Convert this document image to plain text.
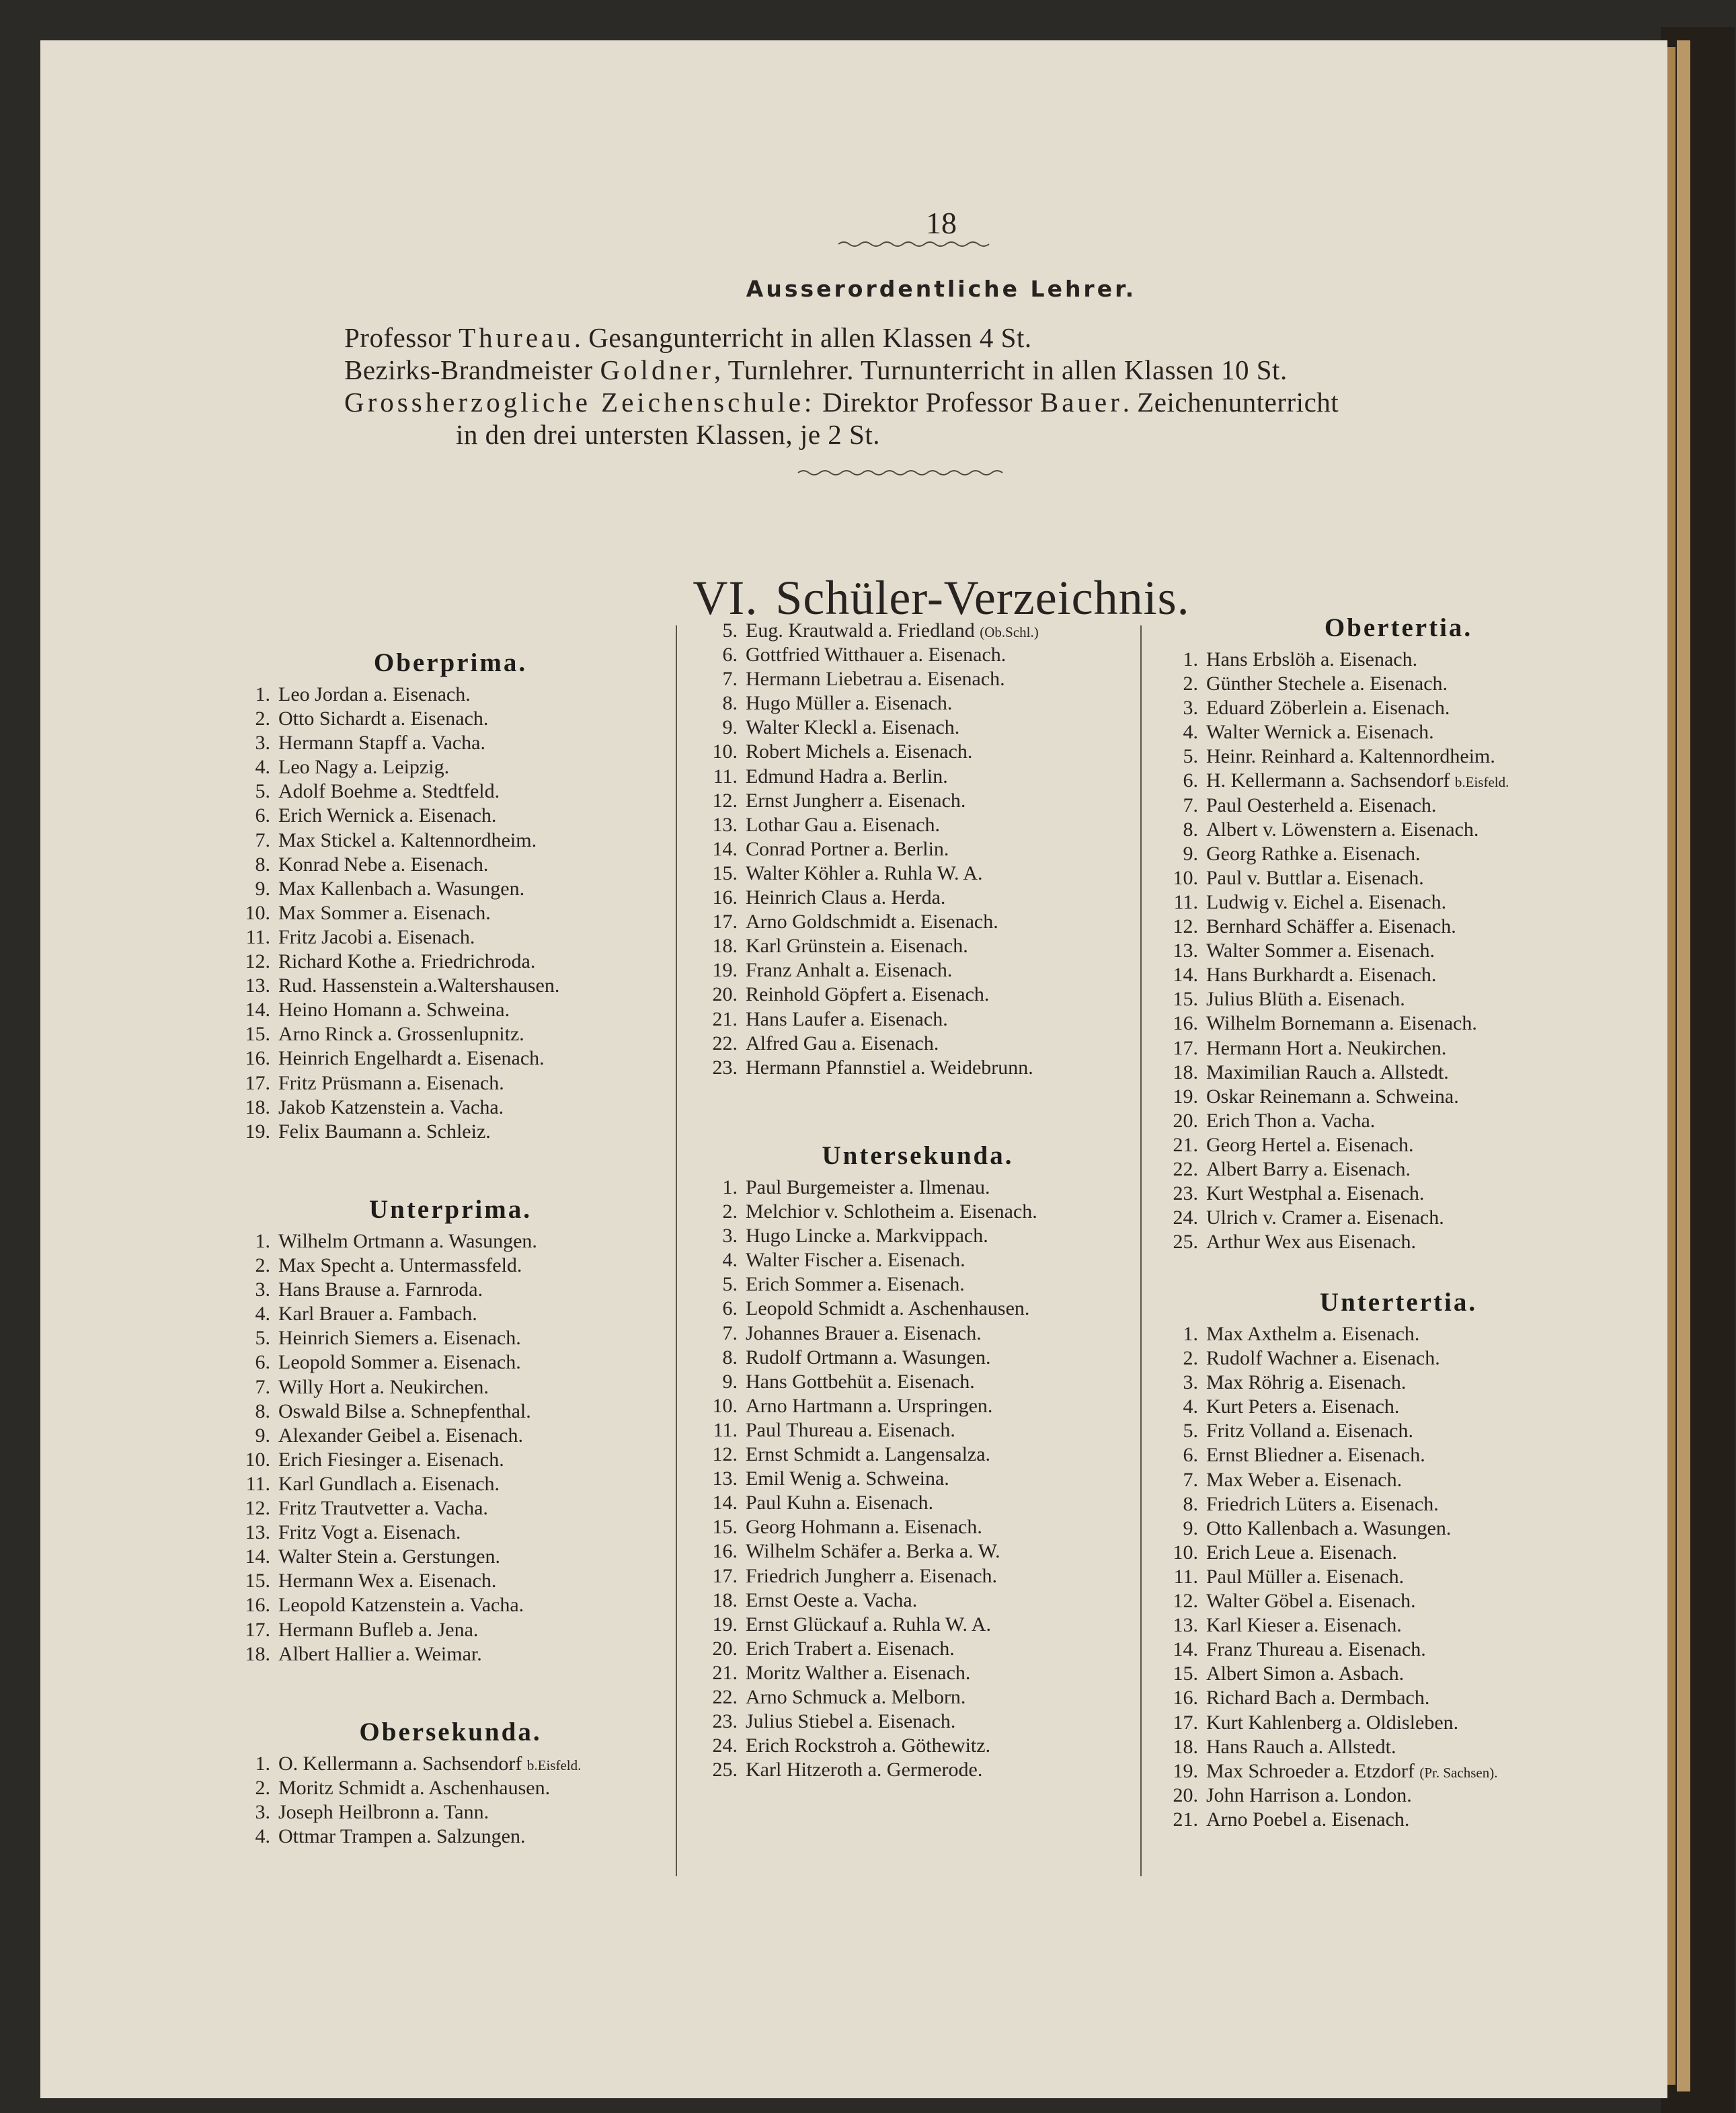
18
Ausserordentliche Lehrer.
Professor Thureau. Gesangunterricht in allen Klassen 4 St.
Bezirks-Brandmeister Goldner, Turnlehrer. Turnunterricht in allen Klassen 10 St.
Grossherzogliche Zeichenschule: Direktor Professor Bauer. Zeichenunterricht
in den drei untersten Klassen, je 2 St.
VI. Schüler-Verzeichnis.
Oberprima.
1. Leo Jordan a. Eisenach.
2. Otto Sichardt a. Eisenach.
3. Hermann Stapff a. Vacha.
4. Leo Nagy a. Leipzig.
5. Adolf Boehme a. Stedtfeld.
6. Erich Wernick a. Eisenach.
7. Max Stickel a. Kaltennordheim.
8. Konrad Nebe a. Eisenach.
9. Max Kallenbach a. Wasungen.
10. Max Sommer a. Eisenach.
11. Fritz Jacobi a. Eisenach.
12. Richard Kothe a. Friedrichroda.
13. Rud. Hassenstein a.Waltershausen.
14. Heino Homann a. Schweina.
15. Arno Rinck a. Grossenlupnitz.
16. Heinrich Engelhardt a. Eisenach.
17. Fritz Prüsmann a. Eisenach.
18. Jakob Katzenstein a. Vacha.
19. Felix Baumann a. Schleiz.
Unterprima.
1. Wilhelm Ortmann a. Wasungen.
2. Max Specht a. Untermassfeld.
3. Hans Brause a. Farnroda.
4. Karl Brauer a. Fambach.
5. Heinrich Siemers a. Eisenach.
6. Leopold Sommer a. Eisenach.
7. Willy Hort a. Neukirchen.
8. Oswald Bilse a. Schnepfenthal.
9. Alexander Geibel a. Eisenach.
10. Erich Fiesinger a. Eisenach.
11. Karl Gundlach a. Eisenach.
12. Fritz Trautvetter a. Vacha.
13. Fritz Vogt a. Eisenach.
14. Walter Stein a. Gerstungen.
15. Hermann Wex a. Eisenach.
16. Leopold Katzenstein a. Vacha.
17. Hermann Bufleb a. Jena.
18. Albert Hallier a. Weimar.
Obersekunda.
1. O. Kellermann a. Sachsendorf b.Eisfeld.
2. Moritz Schmidt a. Aschenhausen.
3. Joseph Heilbronn a. Tann.
4. Ottmar Trampen a. Salzungen.
5. Eug. Krautwald a. Friedland (Ob.Schl.)
6. Gottfried Witthauer a. Eisenach.
7. Hermann Liebetrau a. Eisenach.
8. Hugo Müller a. Eisenach.
9. Walter Kleckl a. Eisenach.
10. Robert Michels a. Eisenach.
11. Edmund Hadra a. Berlin.
12. Ernst Jungherr a. Eisenach.
13. Lothar Gau a. Eisenach.
14. Conrad Portner a. Berlin.
15. Walter Köhler a. Ruhla W. A.
16. Heinrich Claus a. Herda.
17. Arno Goldschmidt a. Eisenach.
18. Karl Grünstein a. Eisenach.
19. Franz Anhalt a. Eisenach.
20. Reinhold Göpfert a. Eisenach.
21. Hans Laufer a. Eisenach.
22. Alfred Gau a. Eisenach.
23. Hermann Pfannstiel a. Weidebrunn.
Untersekunda.
1. Paul Burgemeister a. Ilmenau.
2. Melchior v. Schlotheim a. Eisenach.
3. Hugo Lincke a. Markvippach.
4. Walter Fischer a. Eisenach.
5. Erich Sommer a. Eisenach.
6. Leopold Schmidt a. Aschenhausen.
7. Johannes Brauer a. Eisenach.
8. Rudolf Ortmann a. Wasungen.
9. Hans Gottbehüt a. Eisenach.
10. Arno Hartmann a. Urspringen.
11. Paul Thureau a. Eisenach.
12. Ernst Schmidt a. Langensalza.
13. Emil Wenig a. Schweina.
14. Paul Kuhn a. Eisenach.
15. Georg Hohmann a. Eisenach.
16. Wilhelm Schäfer a. Berka a. W.
17. Friedrich Jungherr a. Eisenach.
18. Ernst Oeste a. Vacha.
19. Ernst Glückauf a. Ruhla W. A.
20. Erich Trabert a. Eisenach.
21. Moritz Walther a. Eisenach.
22. Arno Schmuck a. Melborn.
23. Julius Stiebel a. Eisenach.
24. Erich Rockstroh a. Göthewitz.
25. Karl Hitzeroth a. Germerode.
Obertertia.
1. Hans Erbslöh a. Eisenach.
2. Günther Stechele a. Eisenach.
3. Eduard Zöberlein a. Eisenach.
4. Walter Wernick a. Eisenach.
5. Heinr. Reinhard a. Kaltennordheim.
6. H. Kellermann a. Sachsendorf b.Eisfeld.
7. Paul Oesterheld a. Eisenach.
8. Albert v. Löwenstern a. Eisenach.
9. Georg Rathke a. Eisenach.
10. Paul v. Buttlar a. Eisenach.
11. Ludwig v. Eichel a. Eisenach.
12. Bernhard Schäffer a. Eisenach.
13. Walter Sommer a. Eisenach.
14. Hans Burkhardt a. Eisenach.
15. Julius Blüth a. Eisenach.
16. Wilhelm Bornemann a. Eisenach.
17. Hermann Hort a. Neukirchen.
18. Maximilian Rauch a. Allstedt.
19. Oskar Reinemann a. Schweina.
20. Erich Thon a. Vacha.
21. Georg Hertel a. Eisenach.
22. Albert Barry a. Eisenach.
23. Kurt Westphal a. Eisenach.
24. Ulrich v. Cramer a. Eisenach.
25. Arthur Wex aus Eisenach.
Untertertia.
1. Max Axthelm a. Eisenach.
2. Rudolf Wachner a. Eisenach.
3. Max Röhrig a. Eisenach.
4. Kurt Peters a. Eisenach.
5. Fritz Volland a. Eisenach.
6. Ernst Bliedner a. Eisenach.
7. Max Weber a. Eisenach.
8. Friedrich Lüters a. Eisenach.
9. Otto Kallenbach a. Wasungen.
10. Erich Leue a. Eisenach.
11. Paul Müller a. Eisenach.
12. Walter Göbel a. Eisenach.
13. Karl Kieser a. Eisenach.
14. Franz Thureau a. Eisenach.
15. Albert Simon a. Asbach.
16. Richard Bach a. Dermbach.
17. Kurt Kahlenberg a. Oldisleben.
18. Hans Rauch a. Allstedt.
19. Max Schroeder a. Etzdorf (Pr. Sachsen).
20. John Harrison a. London.
21. Arno Poebel a. Eisenach.
